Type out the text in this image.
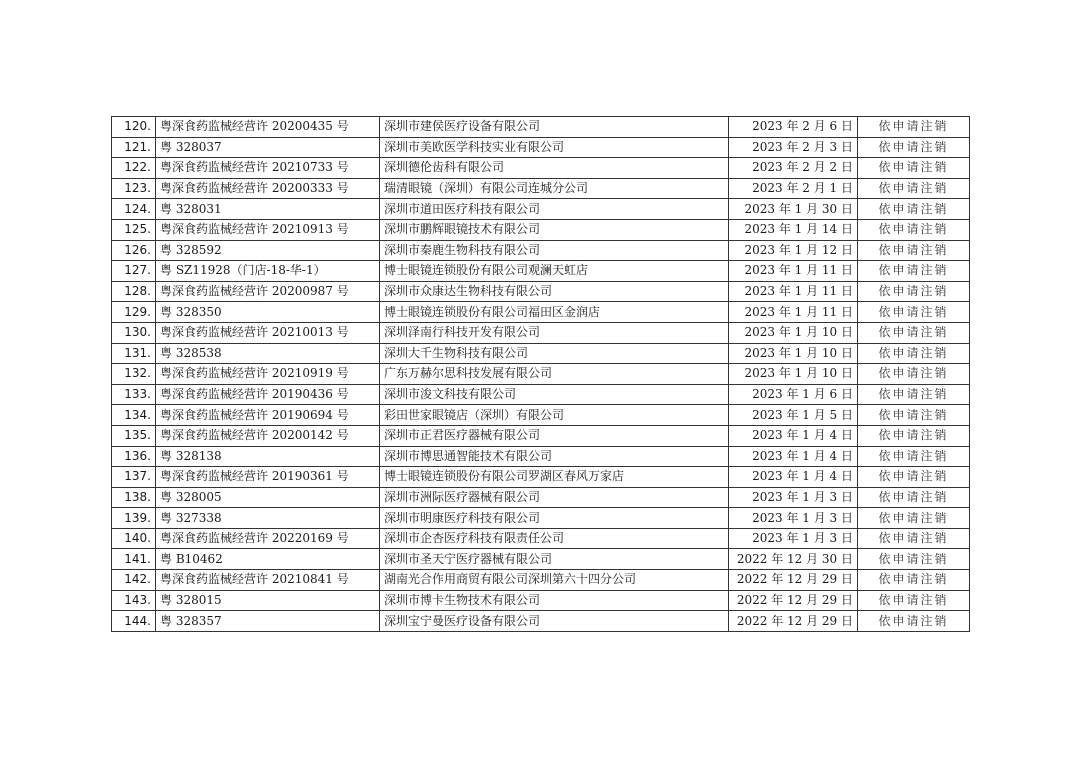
120.	粤深食药监械经营许 20200435 号	深圳市建侯医疗设备有限公司	2023 年 2 月 6 日	依申请注销
121.	粤 328037	深圳市美欧医学科技实业有限公司	2023 年 2 月 3 日	依申请注销
122.	粤深食药监械经营许 20210733 号	深圳德伦齿科有限公司	2023 年 2 月 2 日	依申请注销
123.	粤深食药监械经营许 20200333 号	瑞清眼镜（深圳）有限公司连城分公司	2023 年 2 月 1 日	依申请注销
124.	粤 328031	深圳市道田医疗科技有限公司	2023 年 1 月 30 日	依申请注销
125.	粤深食药监械经营许 20210913 号	深圳市鹏辉眼镜技术有限公司	2023 年 1 月 14 日	依申请注销
126.	粤 328592	深圳市秦鹿生物科技有限公司	2023 年 1 月 12 日	依申请注销
127.	粤 SZ11928（门店-18-华-1）	博士眼镜连锁股份有限公司观澜天虹店	2023 年 1 月 11 日	依申请注销
128.	粤深食药监械经营许 20200987 号	深圳市众康达生物科技有限公司	2023 年 1 月 11 日	依申请注销
129.	粤 328350	博士眼镜连锁股份有限公司福田区金润店	2023 年 1 月 11 日	依申请注销
130.	粤深食药监械经营许 20210013 号	深圳泽南行科技开发有限公司	2023 年 1 月 10 日	依申请注销
131.	粤 328538	深圳大千生物科技有限公司	2023 年 1 月 10 日	依申请注销
132.	粤深食药监械经营许 20210919 号	广东万赫尔思科技发展有限公司	2023 年 1 月 10 日	依申请注销
133.	粤深食药监械经营许 20190436 号	深圳市浚文科技有限公司	2023 年 1 月 6 日	依申请注销
134.	粤深食药监械经营许 20190694 号	彩田世家眼镜店（深圳）有限公司	2023 年 1 月 5 日	依申请注销
135.	粤深食药监械经营许 20200142 号	深圳市正君医疗器械有限公司	2023 年 1 月 4 日	依申请注销
136.	粤 328138	深圳市博思通智能技术有限公司	2023 年 1 月 4 日	依申请注销
137.	粤深食药监械经营许 20190361 号	博士眼镜连锁股份有限公司罗湖区春风万家店	2023 年 1 月 4 日	依申请注销
138.	粤 328005	深圳市洲际医疗器械有限公司	2023 年 1 月 3 日	依申请注销
139.	粤 327338	深圳市明康医疗科技有限公司	2023 年 1 月 3 日	依申请注销
140.	粤深食药监械经营许 20220169 号	深圳市企杏医疗科技有限责任公司	2023 年 1 月 3 日	依申请注销
141.	粤 B10462	深圳市圣天宁医疗器械有限公司	2022 年 12 月 30 日	依申请注销
142.	粤深食药监械经营许 20210841 号	湖南光合作用商贸有限公司深圳第六十四分公司	2022 年 12 月 29 日	依申请注销
143.	粤 328015	深圳市博卡生物技术有限公司	2022 年 12 月 29 日	依申请注销
144.	粤 328357	深圳宝宁曼医疗设备有限公司	2022 年 12 月 29 日	依申请注销
